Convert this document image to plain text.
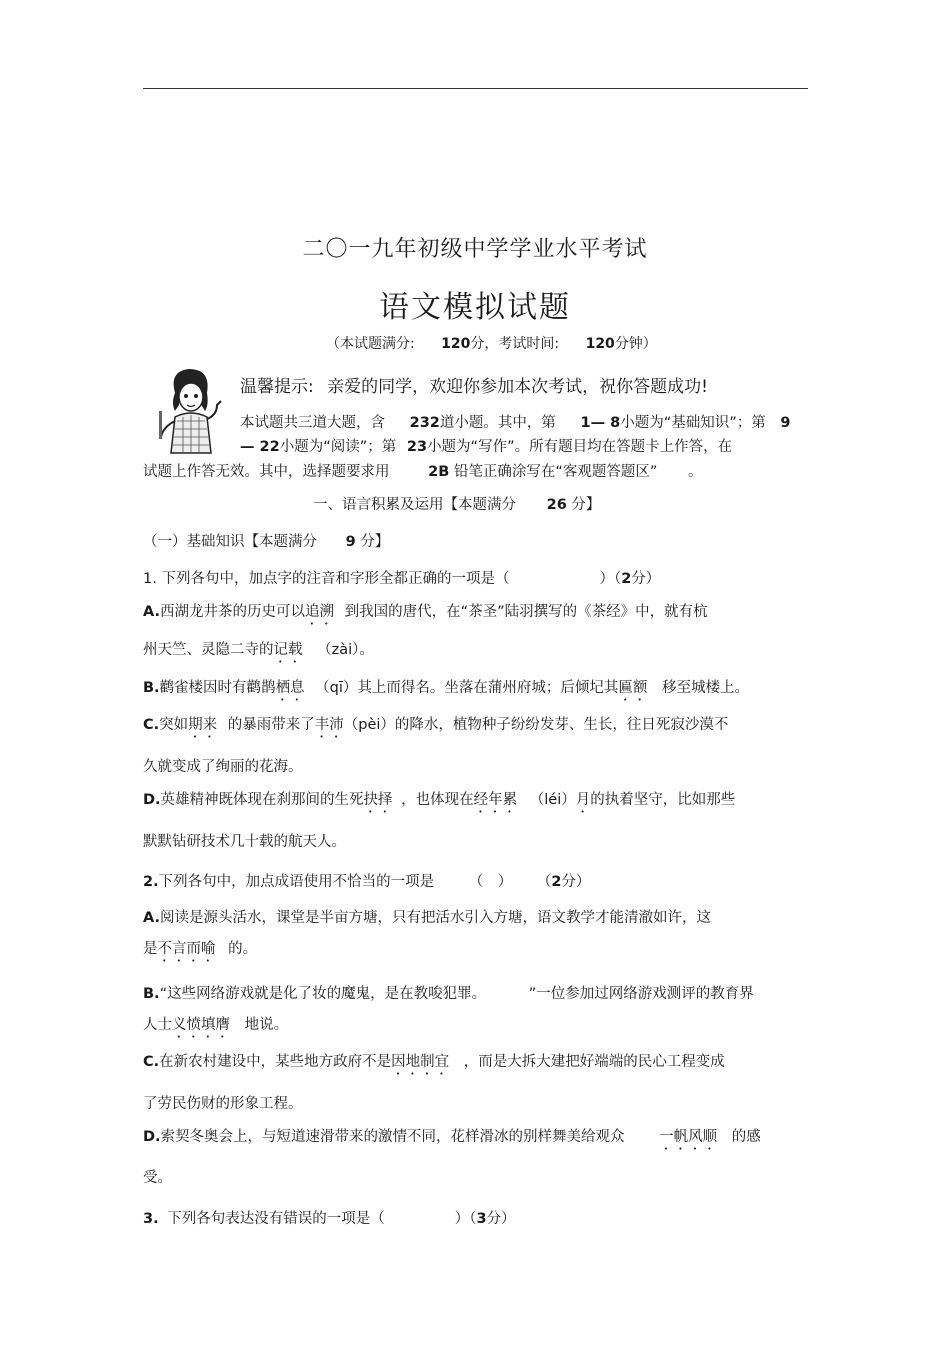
二〇一九年初级中学学业水平考试
语文模拟试题
（本试题满分: 120分，考试时间: 120分钟）
温馨提示: 亲爱的同学，欢迎你参加本次考试，祝你答题成功!
本试题共三道大题，含 232道小题。其中，第 1— 8小题为“基础知识”；第 9
— 22小题为“阅读”；第 23小题为“写作”。所有题目均在答题卡上作答，在
试题上作答无效。其中，选择题要求用	2B 铅笔正确涂写在“客观题答题区” 。
一、语言积累及运用【本题满分 26 分】
（一）基础知识【本题满分 9 分】
1. 下列各句中，加点字的注音和字形全都正确的一项是（	）（2分）
A.西湖龙井茶的历史可以追溯 到我国的唐代，在“茶圣”陆羽撰写的《茶经》中，就有杭
州天竺、灵隐二寺的记载 （zài）。
B.鹳雀楼因时有鹳鹊栖息 （qī）其上而得名。坐落在蒲州府城；后倾圮其匾额 移至城楼上。
C.突如期来 的暴雨带来了丰沛（pèi）的降水，植物种子纷纷发芽、生长，往日死寂沙漠不
久就变成了绚丽的花海。
D.英雄精神既体现在刹那间的生死抉择 ，也体现在经年累 （léi）月的执着坚守，比如那些
默默钻研技术几十载的航天人。
2.下列各句中，加点成语使用不恰当的一项是 （　） （2分）
A.阅读是源头活水，课堂是半亩方塘，只有把活水引入方塘，语文教学才能清澈如许，这
是不言而喻 的。
B.“这些网络游戏就是化了妆的魔鬼，是在教唆犯罪。	”一位参加过网络游戏测评的教育界
人士义愤填膺 地说。
C.在新农村建设中，某些地方政府不是因地制宜 ，而是大拆大建把好端端的民心工程变成
了劳民伤财的形象工程。
D.索契冬奥会上，与短道速滑带来的激情不同，花样滑冰的别样舞美给观众 一帆风顺 的感
受。
3. 下列各句表达没有错误的一项是（	）（3分）
